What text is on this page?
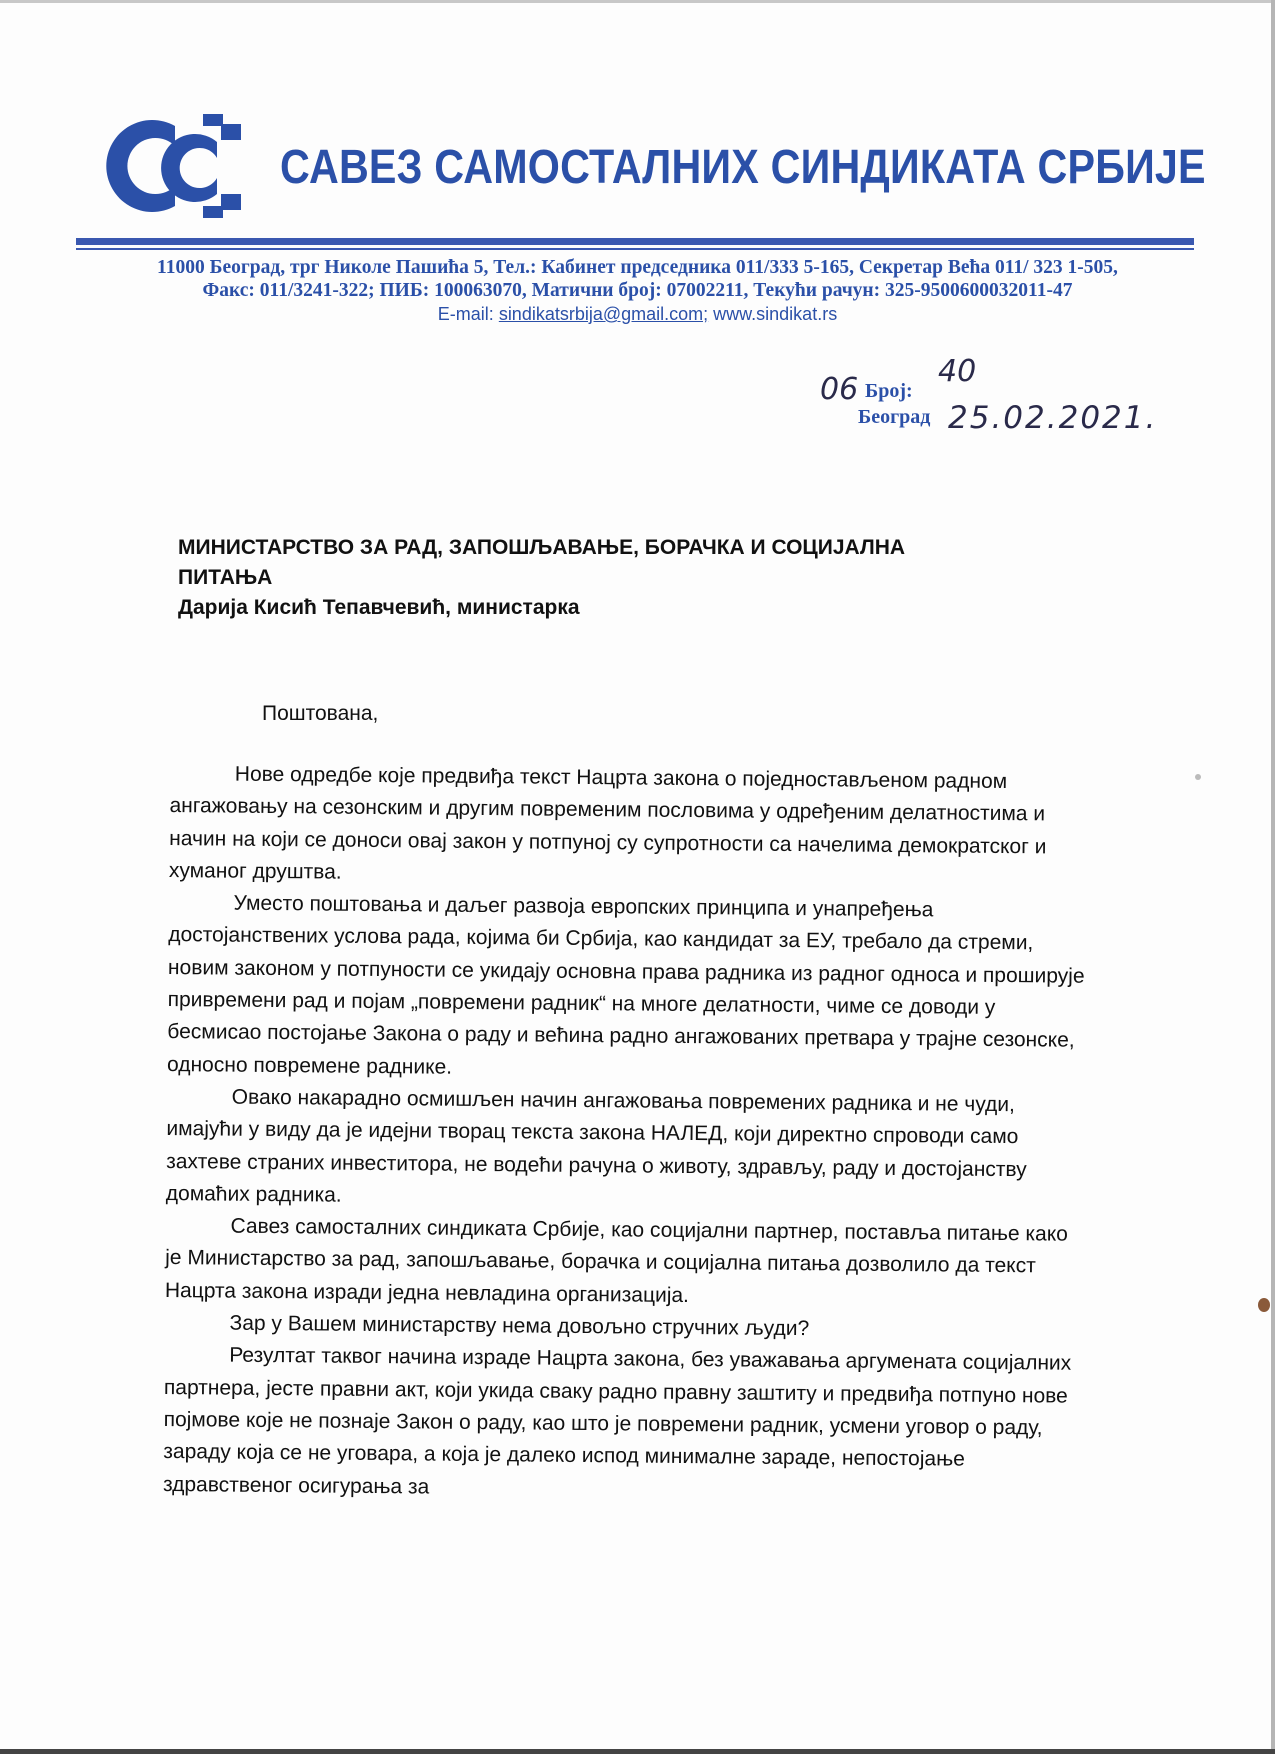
САВЕЗ САМОСТАЛНИХ СИНДИКАТА СРБИЈЕ
11000 Београд, трг Николе Пашића 5, Тел.: Кабинет председника 011/333 5-165, Секретар Већа 011/ 323 1-505,
Факс: 011/3241-322; ПИБ: 100063070, Матични број: 07002211, Текући рачун: 325-9500600032011-47
E-mail: sindikatsrbija@gmail.com; www.sindikat.rs
06 Број:
40
Београд 25.02.2021.
МИНИСТАРСТВО ЗА РАД, ЗАПОШЉАВАЊЕ, БОРАЧКА И СОЦИЈАЛНА
ПИТАЊА
Дарија Кисић Тепавчевић, министарка
Поштована,

Нове одредбе које предвиђа текст Нацрта закона о поједностављеном радном ангажовању на сезонским и другим повременим пословима у одређеним делатностима и начин на који се доноси овај закон у потпуној су супротности са начелима демократског и хуманог друштва.

Уместо поштовања и даљег развоја европских принципа и унапређења достојанствених услова рада, којима би Србија, као кандидат за ЕУ, требало да стреми, новим законом у потпуности се укидају основна права радника из радног односа и проширује привремени рад и појам „повремени радник“ на многе делатности, чиме се доводи у бесмисао постојање Закона о раду и већина радно ангажованих претвара у трајне сезонске, односно повремене раднике.

Овако накарадно осмишљен начин ангажовања повремених радника и не чуди, имајући у виду да је идејни творац текста закона НАЛЕД, који директно спроводи само захтеве страних инвеститора, не водећи рачуна о животу, здрављу, раду и достојанству домаћих радника.

Савез самосталних синдиката Србије, као социјални партнер, поставља питање како је Министарство за рад, запошљавање, борачка и социјална питања дозволило да текст Нацрта закона изради једна невладина организација.

Зар у Вашем министарству нема довољно стручних људи?

Резултат таквог начина израде Нацрта закона, без уважавања аргумената социјалних партнера, јесте правни акт, који укида сваку радно правну заштиту и предвиђа потпуно нове појмове које не познаје Закон о раду, као што је повремени радник, усмени уговор о раду, зараду која се не уговара, а која је далеко испод минималне зараде, непостојање здравственог осигурања за
